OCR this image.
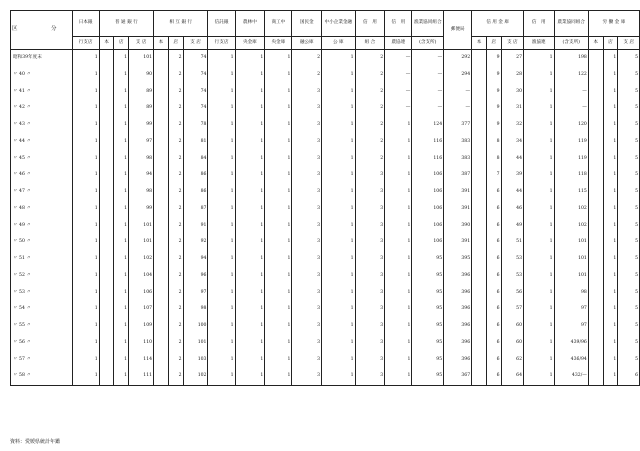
区　分	日本銀	普 通 銀 行			相 互 銀 行			信託銀	農林中	商工中	国民金	中小企業金融	信　用	信　用	漁業協同組合	郵便局	信 用 金 庫			信　用	農業協同組合	労 働 金 庫		
	行支店	本	店	支 店	本	店	支 店	行支店	央金庫	央金庫	融公庫	公 庫	組 合	農協連	(含支所)		本	店	支 店	漁協連	(含支所)	本	店	支 店
昭和39年度末	1		1	101		2	74	1	1	1	2	1	2	—	—	292		9	27	1	198		1	5
〃 40 〃	1		1	90		2	74	1	1	1	2	1	2	—	—	294		9	28	1	122		1	5
〃 41 〃	1		1	89		2	74	1	1	1	3	1	2	—	—	—		9	30	1	—		1	5
〃 42 〃	1		1	89		2	74	1	1	1	3	1	2	—	—	—		9	31	1	—		1	5
〃 43 〃	1		1	99		2	78	1	1	1	3	1	2	1	124	377		9	32	1	120		1	5
〃 44 〃	1		1	97		2	81	1	1	1	3	1	2	1	116	383		8	34	1	119		1	5
〃 45 〃	1		1	98		2	84	1	1	1	3	1	2	1	116	383		8	44	1	119		1	5
〃 46 〃	1		1	94		2	86	1	1	1	3	1	3	1	106	387		7	39	1	118		1	5
〃 47 〃	1		1	98		2	86	1	1	1	3	1	3	1	106	391		6	44	1	115		1	5
〃 48 〃	1		1	99		2	87	1	1	1	3	1	3	1	106	391		6	46	1	102		1	5
〃 49 〃	1		1	101		2	91	1	1	1	3	1	3	1	106	390		6	49	1	102		1	5
〃 50 〃	1		1	101		2	92	1	1	1	3	1	3	1	106	391		6	51	1	101		1	5
〃 51 〃	1		1	102		2	94	1	1	1	3	1	3	1	95	395		6	53	1	101		1	5
〃 52 〃	1		1	104		2	96	1	1	1	3	1	3	1	95	396		6	53	1	101		1	5
〃 53 〃	1		1	106		2	97	1	1	1	3	1	3	1	95	396		6	56	1	98		1	5
〃 54 〃	1		1	107		2	98	1	1	1	3	1	3	1	95	396		6	57	1	97		1	5
〃 55 〃	1		1	109		2	100	1	1	1	3	1	3	1	95	396		6	60	1	97		1	5
〃 56 〃	1		1	110		2	101	1	1	1	3	1	3	1	95	396		6	60	1	439/96		1	5
〃 57 〃	1		1	114		2	103	1	1	1	3	1	3	1	95	396		6	62	1	436/94		1	5
〃 58 〃	1		1	111		2	102	1	1	1	3	1	3	1	95	367		6	64	1	432/—		1	6
資料：愛媛県統計年鑑
